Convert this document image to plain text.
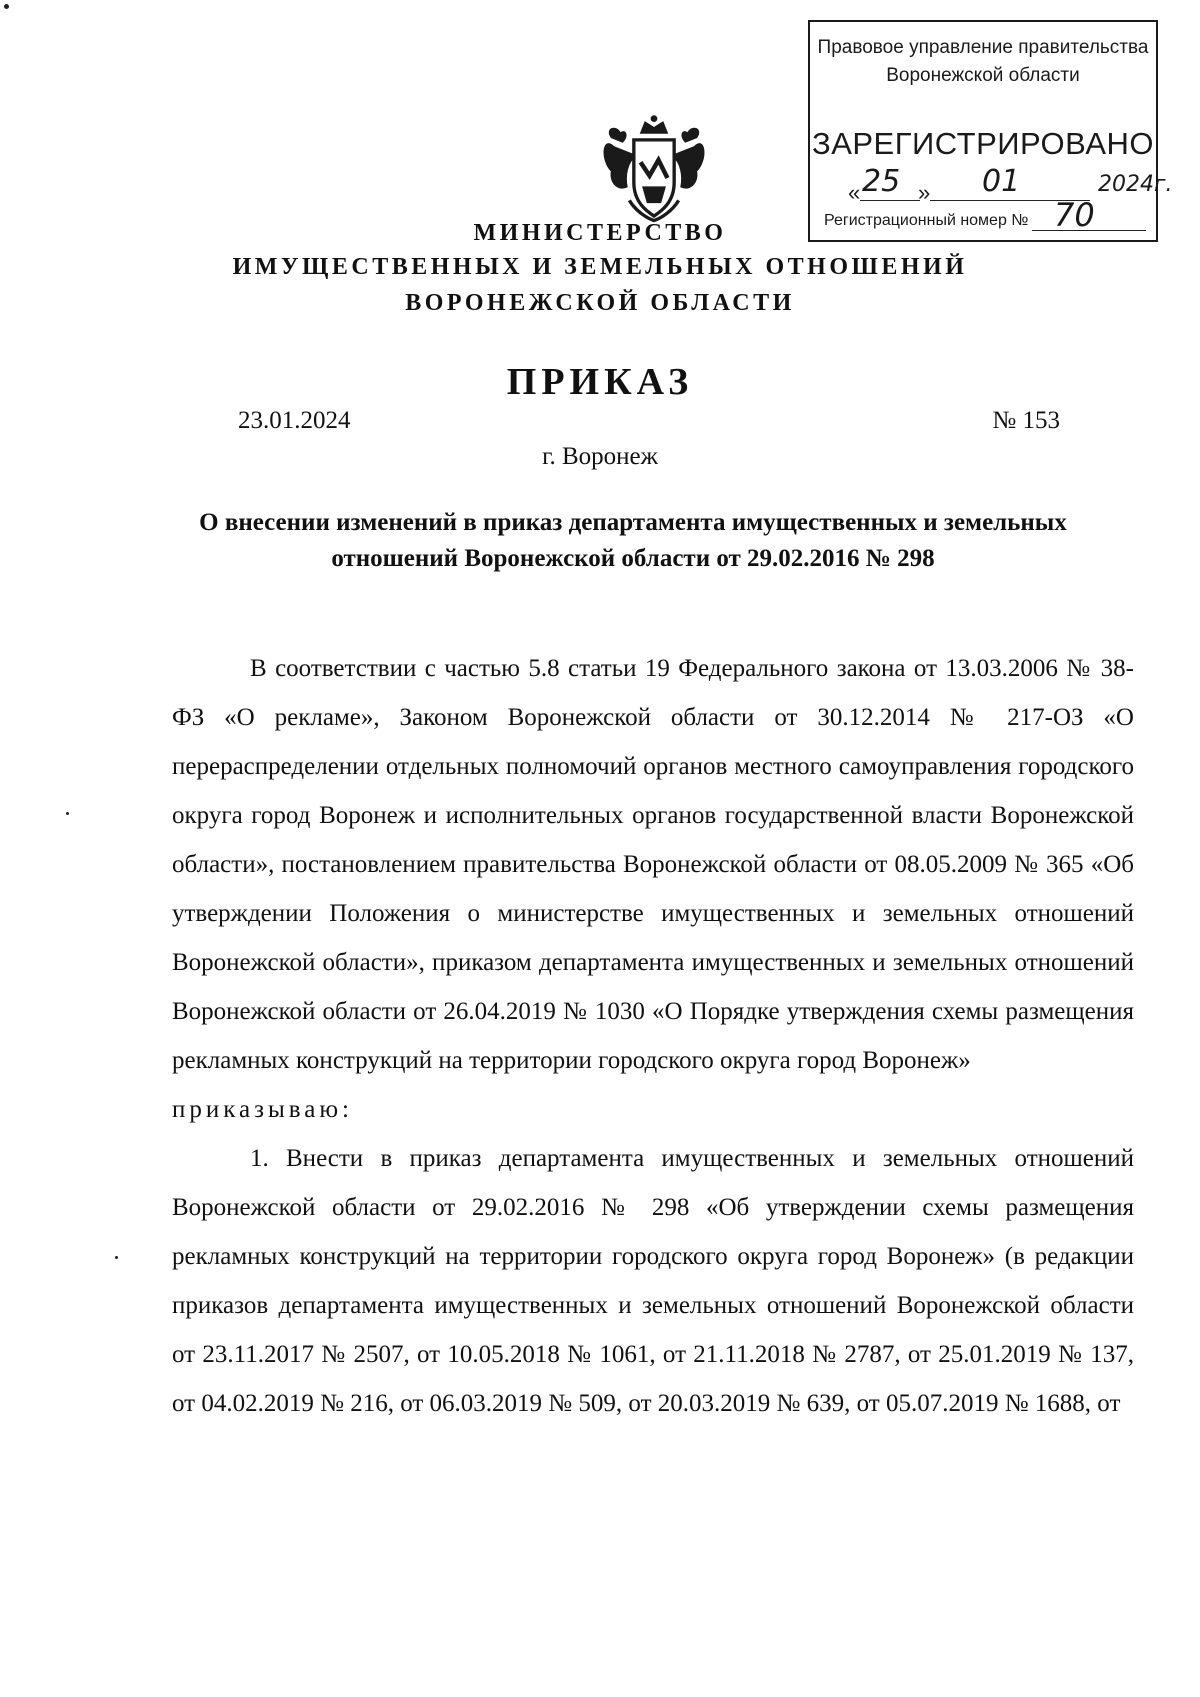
Правовое управление правительства
Воронежской области
ЗАРЕГИСТРИРОВАНО
« 25 » 01	2024г.
Регистрационный номер № 70
МИНИСТЕРСТВО
ИМУЩЕСТВЕННЫХ И ЗЕМЕЛЬНЫХ ОТНОШЕНИЙ
ВОРОНЕЖСКОЙ ОБЛАСТИ
ПРИКАЗ
23.01.2024	№ 153
г. Воронеж
О внесении изменений в приказ департамента имущественных и земельных отношений Воронежской области от 29.02.2016 № 298

В соответствии с частью 5.8 статьи 19 Федерального закона от 13.03.2006 № 38-ФЗ «О рекламе», Законом Воронежской области от 30.12.2014 № 217-ОЗ «О перераспределении отдельных полномочий органов местного самоуправления городского округа город Воронеж и исполнительных органов государственной власти Воронежской области», постановлением правительства Воронежской области от 08.05.2009 № 365 «Об утверждении Положения о министерстве имущественных и земельных отношений Воронежской области», приказом департамента имущественных и земельных отношений Воронежской области от 26.04.2019 № 1030 «О Порядке утверждения схемы размещения рекламных конструкций на территории городского округа город Воронеж»

приказываю:

1. Внести в приказ департамента имущественных и земельных отношений Воронежской области от 29.02.2016 № 298 «Об утверждении схемы размещения рекламных конструкций на территории городского округа город Воронеж» (в редакции приказов департамента имущественных и земельных отношений Воронежской области от 23.11.2017 № 2507, от 10.05.2018 № 1061, от 21.11.2018 № 2787, от 25.01.2019 № 137, от 04.02.2019 № 216, от 06.03.2019 № 509, от 20.03.2019 № 639, от 05.07.2019 № 1688, от
